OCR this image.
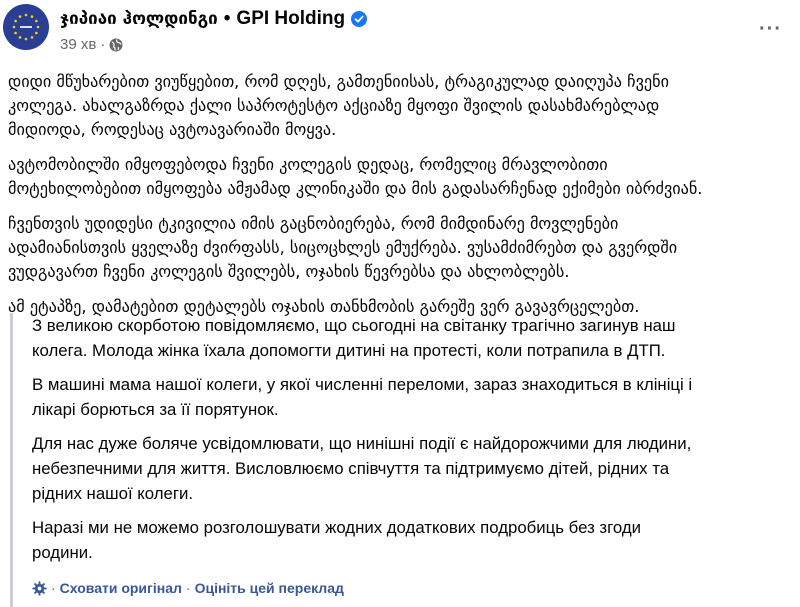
ჯიპიაი ჰოლდინგი • GPI Holding
39 хв ·
···

დიდი მწუხარებით ვიუწყებით, რომ დღეს, გამთენიისას, ტრაგიკულად დაიღუპა ჩვენი
კოლეგა. ახალგაზრდა ქალი საპროტესტო აქციაზე მყოფი შვილის დასახმარებლად
მიდიოდა, როდესაც ავტოავარიაში მოყვა.

ავტომობილში იმყოფებოდა ჩვენი კოლეგის დედაც, რომელიც მრავლობითი
მოტეხილობებით იმყოფება ამჟამად კლინიკაში და მის გადასარჩენად ექიმები იბრძვიან.

ჩვენთვის უდიდესი ტკივილია იმის გაცნობიერება, რომ მიმდინარე მოვლენები
ადამიანისთვის ყველაზე ძვირფასს, სიცოცხლეს ემუქრება. ვუსამძიმრებთ და გვერდში
ვუდგავართ ჩვენი კოლეგის შვილებს, ოჯახის წევრებსა და ახლობლებს.

ამ ეტაპზე, დამატებით დეტალებს ოჯახის თანხმობის გარეშე ვერ გავავრცელებთ.

З великою скорботою повідомляємо, що сьогодні на світанку трагічно загинув наш
колега. Молода жінка їхала допомогти дитині на протесті, коли потрапила в ДТП.

В машині мама нашої колеги, у якої численні переломи, зараз знаходиться в клініці і
лікарі борються за її порятунок.

Для нас дуже боляче усвідомлювати, що нинішні події є найдорожчими для людини,
небезпечними для життя. Висловлюємо співчуття та підтримуємо дітей, рідних та
рідних нашої колеги.

Наразі ми не можемо розголошувати жодних додаткових подробиць без згоди
родини.

· Сховати оригінал · Оцініть цей переклад
